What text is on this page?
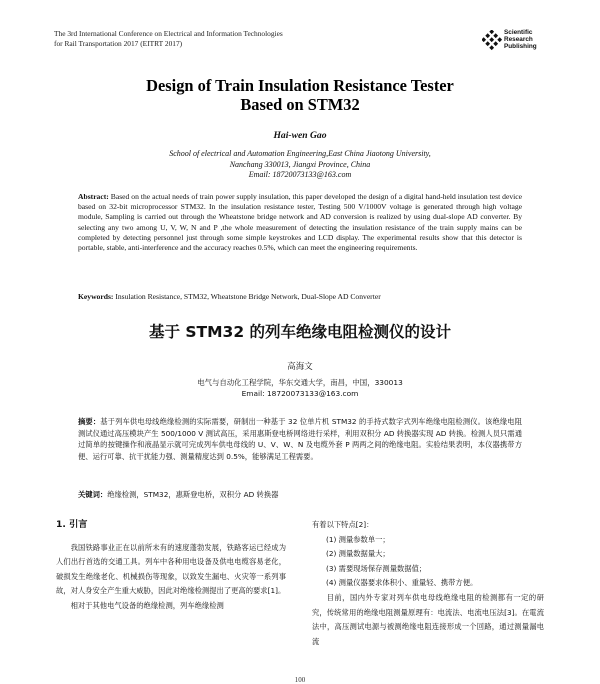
The 3rd International Conference on Electrical and Information Technologies
for Rail Transportation 2017 (EITRT 2017)
Scientific
Research
Publishing
Design of Train Insulation Resistance Tester
Based on STM32
Hai-wen Gao
School of electrical and Automation Engineering,East China Jiaotong University,
Nanchang 330013, Jiangxi Province, China
Email: 18720073133@163.com
Abstract: Based on the actual needs of train power supply insulation, this paper developed the design of a digital hand-held insulation test device based on 32-bit microprocessor STM32. In the insulation resistance tester, Testing 500 V/1000V voltage is generated through high voltage module, Sampling is carried out through the Wheatstone bridge network and AD conversion is realized by using dual-slope AD converter. By selecting any two among U, V, W, N and P ,the whole measurement of detecting the insulation resistance of the train supply mains can be completed by detecting personnel just through some simple keystrokes and LCD display. The experimental results show that this detector is portable, stable, anti-interference and the accuracy reaches 0.5%, which can meet the engineering requirements.
Keywords: Insulation Resistance, STM32, Wheatstone Bridge Network, Dual-Slope AD Converter
基于 STM32 的列车绝缘电阻检测仪的设计
高海文
电气与自动化工程学院，华东交通大学，南昌，中国，330013
Email: 18720073133@163.com
摘要：基于列车供电母线绝缘检测的实际需要，研制出一种基于 32 位单片机 STM32 的手持式数字式列车绝缘电阻检测仪。该绝缘电阻测试仪通过高压模块产生 500/1000 V 测试高压，采用惠斯登电桥网络进行采样，利用双积分 AD 转换器实现 AD 转换。检测人员只需通过简单的按键操作和液晶显示就可完成列车供电母线的 U、V、W、N 及电缆外套 P 两两之间的绝缘电阻。实验结果表明，本仪器携带方便、运行可靠、抗干扰能力强、测量精度达到 0.5%，能够满足工程需要。
关键词：绝缘检测，STM32，惠斯登电桥，双积分 AD 转换器
1. 引言

我国铁路事业正在以前所未有的速度蓬勃发展，铁路客运已经成为人们出行首选的交通工具。列车中各种用电设备及供电电缆容易老化，破损发生绝缘老化、机械损伤等现象，以致发生漏电、火灾等一系列事故，对人身安全产生重大威胁，因此对绝缘检测提出了更高的要求[1]。

相对于其他电气设备的绝缘检测，列车绝缘检测

有着以下特点[2]：

(1) 测量参数单一；

(2) 测量数据量大；

(3) 需要现场保存测量数据值；

(4) 测量仪器要求体积小、重量轻、携带方便。

目前，国内外专家对列车供电母线绝缘电阻的检测都有一定的研究，传统常用的绝缘电阻测量原理有：电流法、电流电压法[3]。在電流法中，高压测试电源与被测绝缘电阻连接形成一个回路，通过测量漏电流

100
